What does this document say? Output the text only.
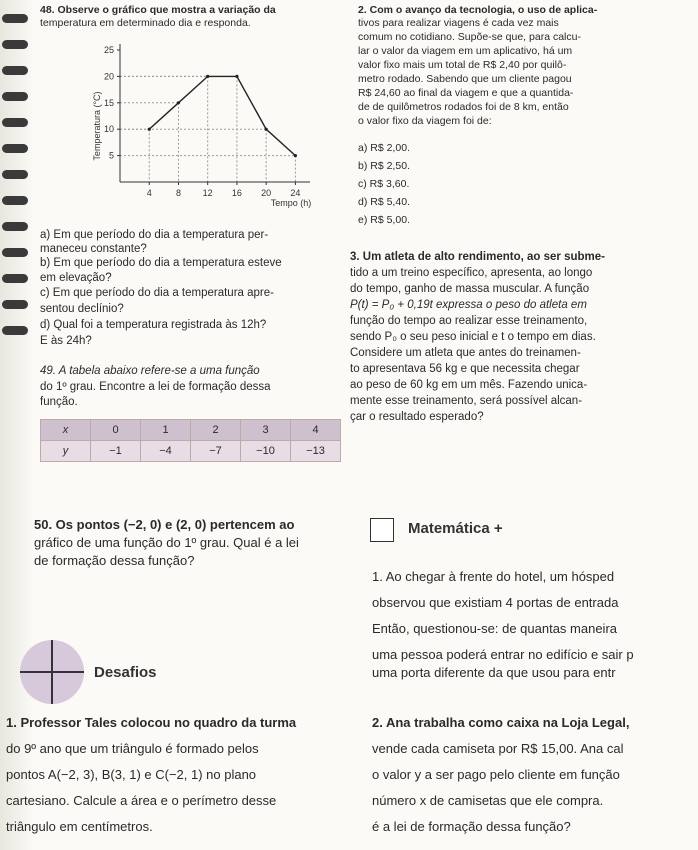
48. Observe o gráfico que mostra a variação da
temperatura em determinado dia e responda.
25
20
15
10
5
4	8 12 16 20 24
Temperatura (°C)
Tempo (h)
a) Em que período do dia a temperatura per-
maneceu constante?
b) Em que período do dia a temperatura esteve
em elevação?
c) Em que período do dia a temperatura apre-
sentou declínio?
d) Qual foi a temperatura registrada às 12h?
E às 24h?
49. A tabela abaixo refere-se a uma função
do 1º grau. Encontre a lei de formação dessa
função.
x	0	1	2	3	4
y	−1	−4	−7	−10	−13
50. Os pontos (−2, 0) e (2, 0) pertencem ao
gráfico de uma função do 1º grau. Qual é a lei
de formação dessa função?
2. Com o avanço da tecnologia, o uso de aplica-
tivos para realizar viagens é cada vez mais
comum no cotidiano. Supõe-se que, para calcu-
lar o valor da viagem em um aplicativo, há um
valor fixo mais um total de R$ 2,40 por quilô-
metro rodado. Sabendo que um cliente pagou
R$ 24,60 ao final da viagem e que a quantida-
de de quilômetros rodados foi de 8 km, então
o valor fixo da viagem foi de:
a) R$ 2,00.
b) R$ 2,50.
c) R$ 3,60.
d) R$ 5,40.
e) R$ 5,00.
3. Um atleta de alto rendimento, ao ser subme-
tido a um treino específico, apresenta, ao longo
do tempo, ganho de massa muscular. A função
P(t) = P₀ + 0,19t expressa o peso do atleta em
função do tempo ao realizar esse treinamento,
sendo P₀ o seu peso inicial e t o tempo em dias.
Considere um atleta que antes do treinamen-
to apresentava 56 kg e que necessita chegar
ao peso de 60 kg em um mês. Fazendo unica-
mente esse treinamento, será possível alcan-
çar o resultado esperado?
Matemática +
1. Ao chegar à frente do hotel, um hósped
observou que existiam 4 portas de entrada
Então, questionou-se: de quantas maneira
uma pessoa poderá entrar no edifício e sair p
uma porta diferente da que usou para entr
Desafios
1. Professor Tales colocou no quadro da turma
do 9º ano que um triângulo é formado pelos
pontos A(−2, 3), B(3, 1) e C(−2, 1) no plano
cartesiano. Calcule a área e o perímetro desse
triângulo em centímetros.
2. Ana trabalha como caixa na Loja Legal,
vende cada camiseta por R$ 15,00. Ana cal
o valor y a ser pago pelo cliente em função
número x de camisetas que ele compra.
é a lei de formação dessa função?
